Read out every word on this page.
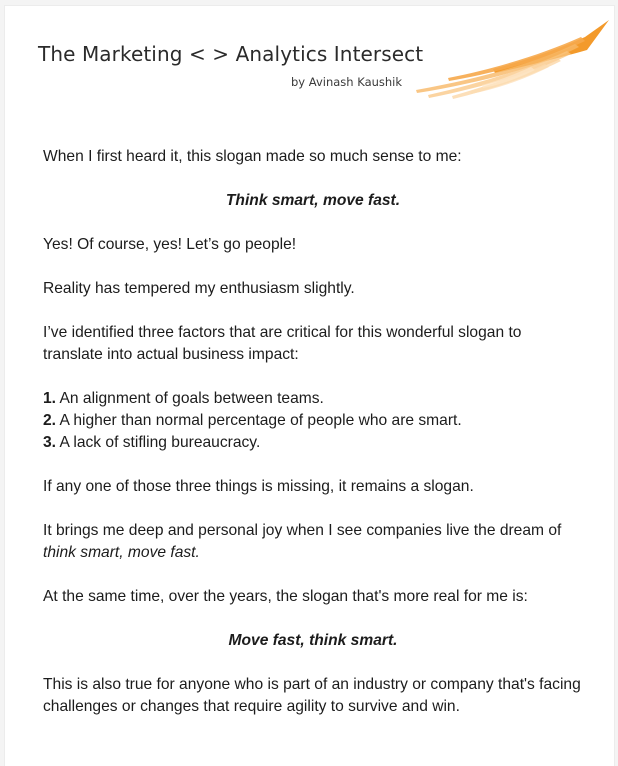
The Marketing < > Analytics Intersect
by Avinash Kaushik

When I first heard it, this slogan made so much sense to me:

Think smart, move fast.

Yes! Of course, yes! Let’s go people!

Reality has tempered my enthusiasm slightly.

I’ve identified three factors that are critical for this wonderful slogan to translate into actual business impact:

1. An alignment of goals between teams.
2. A higher than normal percentage of people who are smart.
3. A lack of stifling bureaucracy.

If any one of those three things is missing, it remains a slogan.

It brings me deep and personal joy when I see companies live the dream of think smart, move fast.

At the same time, over the years, the slogan that's more real for me is:

Move fast, think smart.

This is also true for anyone who is part of an industry or company that's facing challenges or changes that require agility to survive and win.
